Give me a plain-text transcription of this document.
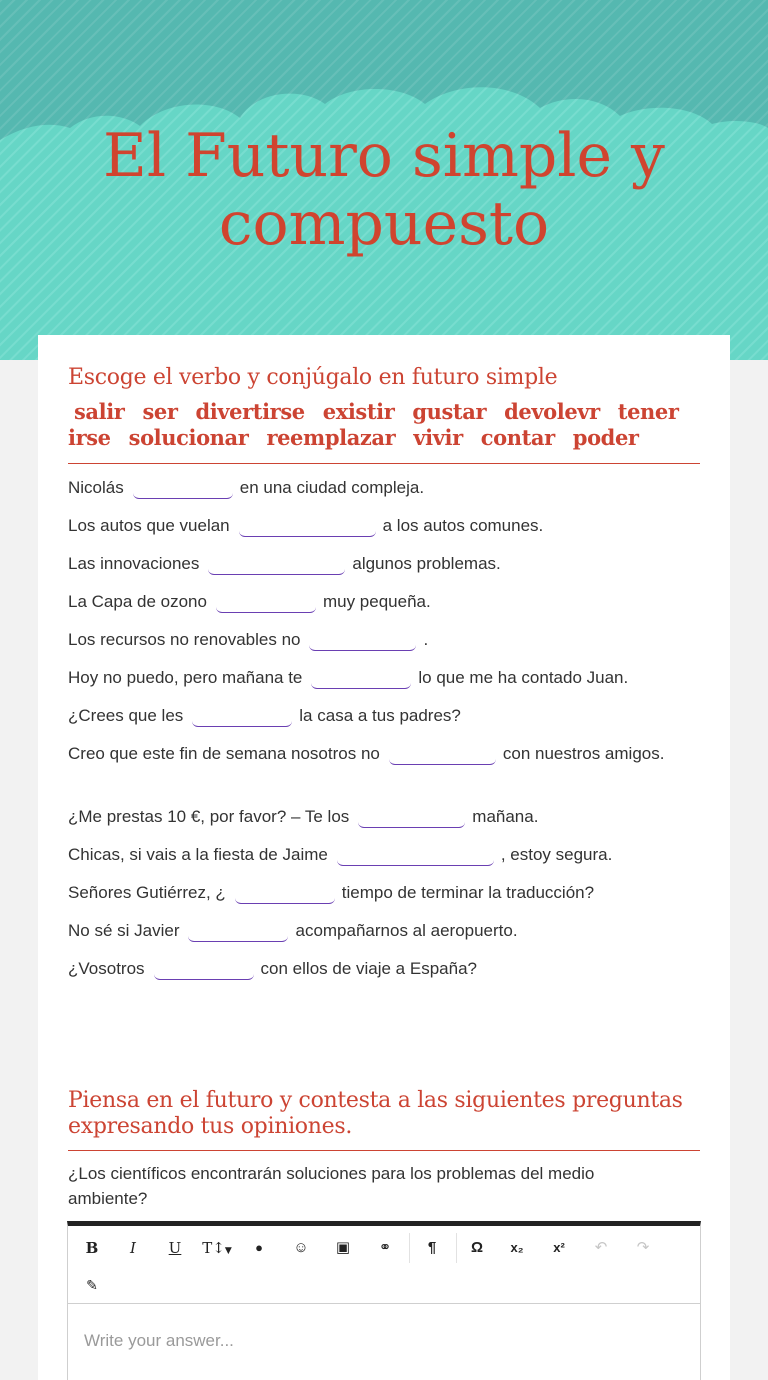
El Futuro simple y
compuesto
Escoge el verbo y conjúgalo en futuro simple
salir ser divertirse existir gustar devolevr tener
irse solucionar reemplazar vivir contar poder
Nicolás	en una ciudad compleja.
Los autos que vuelan	a los autos comunes.
Las innovaciones	algunos problemas.
La Capa de ozono	muy pequeña.
Los recursos no renovables no	.
Hoy no puedo, pero mañana te	lo que me ha contado Juan.
¿Crees que les	la casa a tus padres?
Creo que este fin de semana nosotros no	con nuestros amigos.
¿Me prestas 10 €, por favor? – Te los	mañana.
Chicas, si vais a la fiesta de Jaime	, estoy segura.
Señores Gutiérrez, ¿	tiempo de terminar la traducción?
No sé si Javier	acompañarnos al aeropuerto.
¿Vosotros	con ellos de viaje a España?
Piensa en el futuro y contesta a las siguientes preguntas
expresando tus opiniones.
¿Los científicos encontrarán soluciones para los problemas del medio ambiente?
B	I	U	T↕▼	●	☺	▣	⚭	¶	Ω	x₂	x²	↶	↷
✎
Write your answer...
